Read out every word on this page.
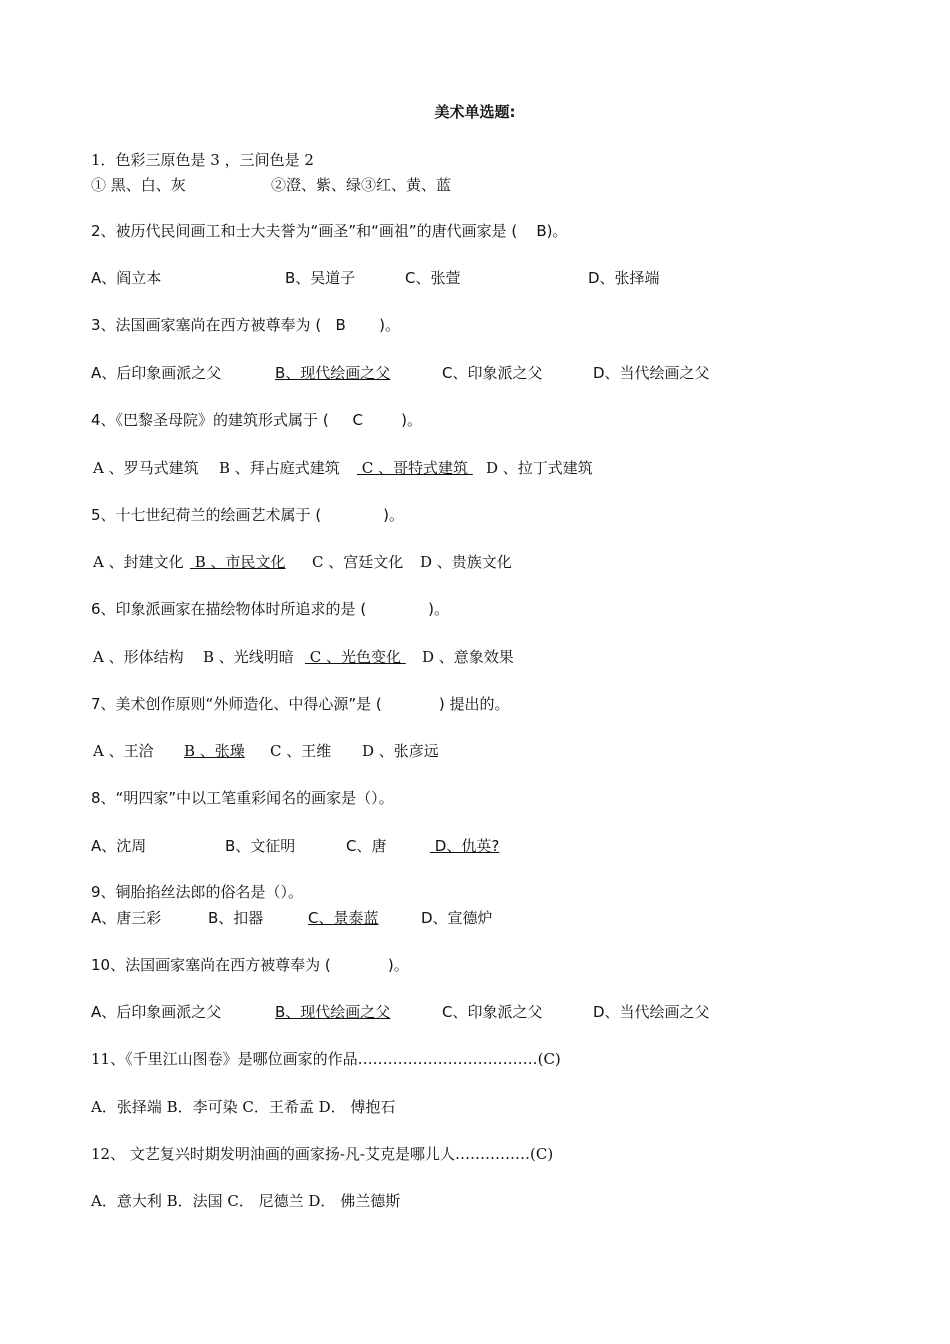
美术单选题:
1．色彩三原色是 3 ，三间色是 2
① 黑、白、灰	②澄、紫、绿③红、黄、蓝
2、被历代民间画工和士大夫誉为“画圣”和“画祖”的唐代画家是 (    B)。
A、阎立本	B、吴道子	C、张萱	D、张择端
3、法国画家塞尚在西方被尊奉为 (   B       )。
A、后印象画派之父	B、现代绘画之父	C、印象派之父	D、当代绘画之父
4、《巴黎圣母院》的建筑形式属于 (     C        )。
A 、罗马式建筑 B 、拜占庭式建筑 C 、哥特式建筑 D 、拉丁式建筑
5、十七世纪荷兰的绘画艺术属于 (             )。
A 、封建文化 B 、市民文化 C 、宫廷文化 D 、贵族文化
6、印象派画家在描绘物体时所追求的是 (             )。
A 、形体结构 B 、光线明暗 C 、光色变化 D 、意象效果
7、美术创作原则“外师造化、中得心源”是 (            ) 提出的。
A 、王洽 B 、张璪 C 、王维 D 、张彦远
8、“明四家”中以工笔重彩闻名的画家是（）。
A、沈周	B、文征明	C、唐	D、仇英?
9、铜胎掐丝法郎的俗名是（）。
A、唐三彩	B、扣器	C、景泰蓝	D、宣德炉
10、法国画家塞尚在西方被尊奉为 (            )。
A、后印象画派之父	B、现代绘画之父	C、印象派之父	D、当代绘画之父
11、《千里江山图卷》是哪位画家的作品………………………………(C)
A．张择端 B．李可染 C．王希孟 D． 傅抱石
12、 文艺复兴时期发明油画的画家扬-凡-艾克是哪儿人……………(C)
A．意大利 B．法国 C． 尼德兰 D． 佛兰德斯
